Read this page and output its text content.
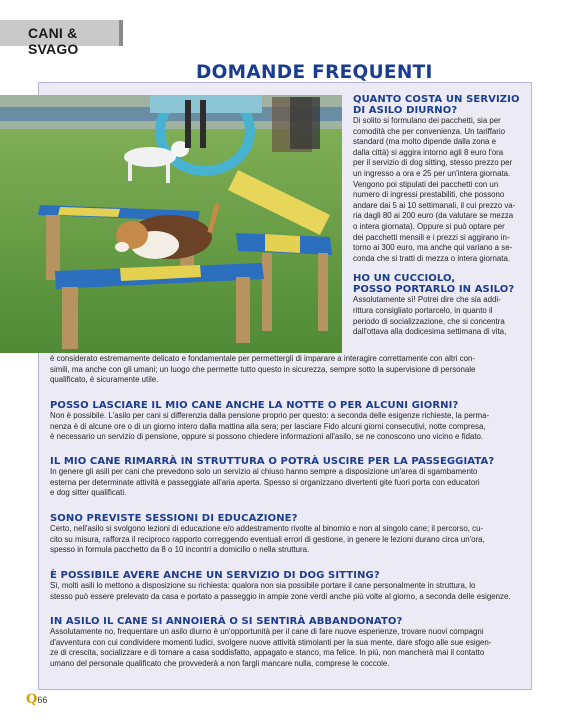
CANI & SVAGO
DOMANDE FREQUENTI
QUANTO COSTA UN SERVIZIO
DI ASILO DIURNO?

Di solito si formulano dei pacchetti, sia per
comodità che per convenienza. Un tariffario
standard (ma molto dipende dalla zona e
dalla città) si aggira intorno agli 8 euro l'ora
per il servizio di dog sitting, stesso prezzo per
un ingresso a ora e 25 per un'intera giornata.
Vengono poi stipulati dei pacchetti con un
numero di ingressi prestabiliti, che possono
andare dai 5 ai 10 settimanali, il cui prezzo va-
ria dagli 80 ai 200 euro (da valutare se mezza
o intera giornata). Oppure si può optare per
dei pacchetti mensili e i prezzi si aggirano in-
torno ai 300 euro, ma anche qui variano a se-
conda che si tratti di mezza o intera giornata.

HO UN CUCCIOLO,
POSSO PORTARLO IN ASILO?

Assolutamente sì! Potrei dire che sia addi-
rittura consigliato portarcelo, in quanto il
periodo di socializzazione, che si concentra
dall'ottava alla dodicesima settimana di vita,

è considerato estremamente delicato e fondamentale per permettergli di imparare a interagire correttamente con altri con-
simili, ma anche con gli umani; un luogo che permette tutto questo in sicurezza, sempre sotto la supervisione di personale
qualificato, è sicuramente utile.

POSSO LASCIARE IL MIO CANE ANCHE LA NOTTE O PER ALCUNI GIORNI?

Non è possibile. L'asilo per cani si differenzia dalla pensione proprio per questo: a seconda delle esigenze richieste, la perma-
nenza è di alcune ore o di un giorno intero dalla mattina alla sera; per lasciare Fido alcuni giorni consecutivi, notte compresa,
è necessario un servizio di pensione, oppure si possono chiedere informazioni all'asilo, se ne conoscono uno vicino e fidato.

IL MIO CANE RIMARRÀ IN STRUTTURA O POTRÀ USCIRE PER LA PASSEGGIATA?

In genere gli asili per cani che prevedono solo un servizio al chiuso hanno sempre a disposizione un'area di sgambamento
esterna per determinate attività e passeggiate all'aria aperta. Spesso si organizzano divertenti gite fuori porta con educatori
e dog sitter qualificati.

SONO PREVISTE SESSIONI DI EDUCAZIONE?

Certo, nell'asilo si svolgono lezioni di educazione e/o addestramento rivolte al binomio e non al singolo cane; il percorso, cu-
cito su misura, rafforza il reciproco rapporto correggendo eventuali errori di gestione, in genere le lezioni durano circa un'ora,
spesso in formula pacchetto da 8 o 10 incontri a domicilio o nella struttura.

È POSSIBILE AVERE ANCHE UN SERVIZIO DI DOG SITTING?

Sì, molti asili lo mettono a disposizione su richiesta: qualora non sia possibile portare il cane personalmente in struttura, lo
stesso può essere prelevato da casa e portato a passeggio in ampie zone verdi anche più volte al giorno, a seconda delle esigenze.

IN ASILO IL CANE SI ANNOIERÀ O SI SENTIRÀ ABBANDONATO?

Assolutamente no, frequentare un asilo diurno è un'opportunità per il cane di fare nuove esperienze, trovare nuovi compagni
d'avventura con cui condividere momenti ludici, svolgere nuove attività stimolanti per la sua mente, dare sfogo alle sue esigen-
ze di crescita, socializzare e di tornare a casa soddisfatto, appagato e stanco, ma felice. In più, non mancherà mai il contatto
umano del personale qualificato che provvederà a non fargli mancare nulla, comprese le coccole.

Q66
